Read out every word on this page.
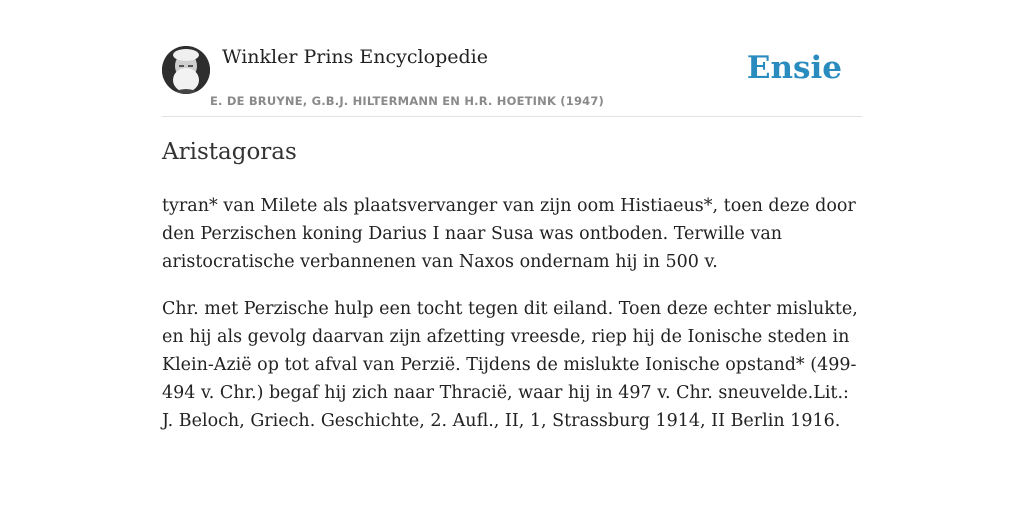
Winkler Prins Encyclopedie
E. DE BRUYNE, G.B.J. HILTERMANN EN H.R. HOETINK (1947)
Ensie
Aristagoras

tyran* van Milete als plaatsvervanger van zijn oom Histiaeus*, toen deze door den Perzischen koning Darius I naar Susa was ontboden. Terwille van aristocratische verbannenen van Naxos ondernam hij in 500 v.

Chr. met Perzische hulp een tocht tegen dit eiland. Toen deze echter mislukte, en hij als gevolg daarvan zijn afzetting vreesde, riep hij de Ionische steden in Klein-Azië op tot afval van Perzië. Tijdens de mislukte Ionische opstand* (499-494 v. Chr.) begaf hij zich naar Thracië, waar hij in 497 v. Chr. sneuvelde.Lit.: J. Beloch, Griech. Geschichte, 2. Aufl., II, 1, Strassburg 1914, II Berlin 1916.
